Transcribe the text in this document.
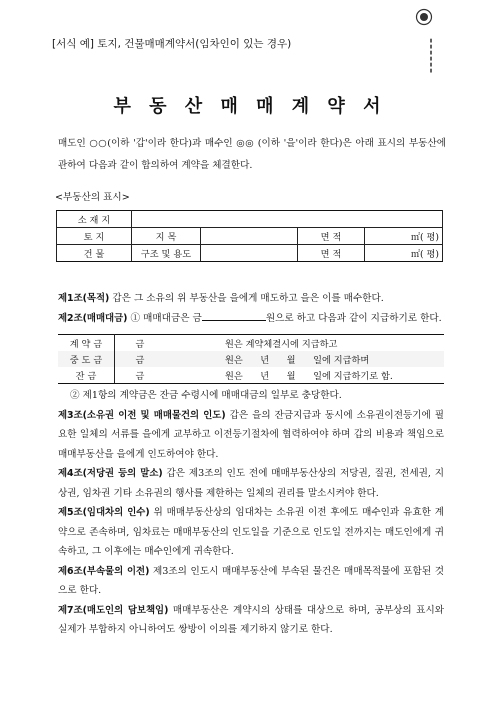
[서식 예] 토지, 건물매매계약서(임차인이 있는 경우)	▮▮▮▮▮▮
부 동 산 매 매 계 약 서
매도인 ○○(이하 '갑'이라 한다)과 매수인 ◎◎ (이하 '을'이라 한다)은 아래 표시의 부동산에 관하여 다음과 같이 합의하여 계약을 체결한다.
<부동산의 표시>
소 재 지				
토 지	지 목		면 적	㎡( 평)
건 물	구조 및 용도		면 적	㎡( 평)
제1조(목적) 갑은 그 소유의 위 부동산을 을에게 매도하고 을은 이를 매수한다.
제2조(매매대금) ① 매매대금은 금	원으로 하고 다음과 같이 지급하기로 한다.
계 약 금	금	원은 계약체결시에 지급하고
중 도 금	금	원은      년      월      일에 지급하며
잔 금	금	원은      년      월      일에 지급하기로 함.
② 제1항의 계약금은 잔금 수령시에 매매대금의 일부로 충당한다.
제3조(소유권 이전 및 매매물건의 인도) 갑은 을의 잔금지급과 동시에 소유권이전등기에 필요한 일체의 서류를 을에게 교부하고 이전등기절차에 협력하여야 하며 갑의 비용과 책임으로 매매부동산을 을에게 인도하여야 한다.
제4조(저당권 등의 말소) 갑은 제3조의 인도 전에 매매부동산상의 저당권, 질권, 전세권, 지상권, 임차권 기타 소유권의 행사를 제한하는 일체의 권리를 말소시켜야 한다.
제5조(임대차의 인수) 위 매매부동산상의 임대차는 소유권 이전 후에도 매수인과 유효한 계약으로 존속하며, 임차료는 매매부동산의 인도일을 기준으로 인도일 전까지는 매도인에게 귀속하고, 그 이후에는 매수인에게 귀속한다.
제6조(부속물의 이전) 제3조의 인도시 매매부동산에 부속된 물건은 매매목적물에 포함된 것으로 한다.
제7조(매도인의 담보책임) 매매부동산은 계약시의 상태를 대상으로 하며, 공부상의 표시와 실제가 부합하지 아니하여도 쌍방이 이의를 제기하지 않기로 한다.
